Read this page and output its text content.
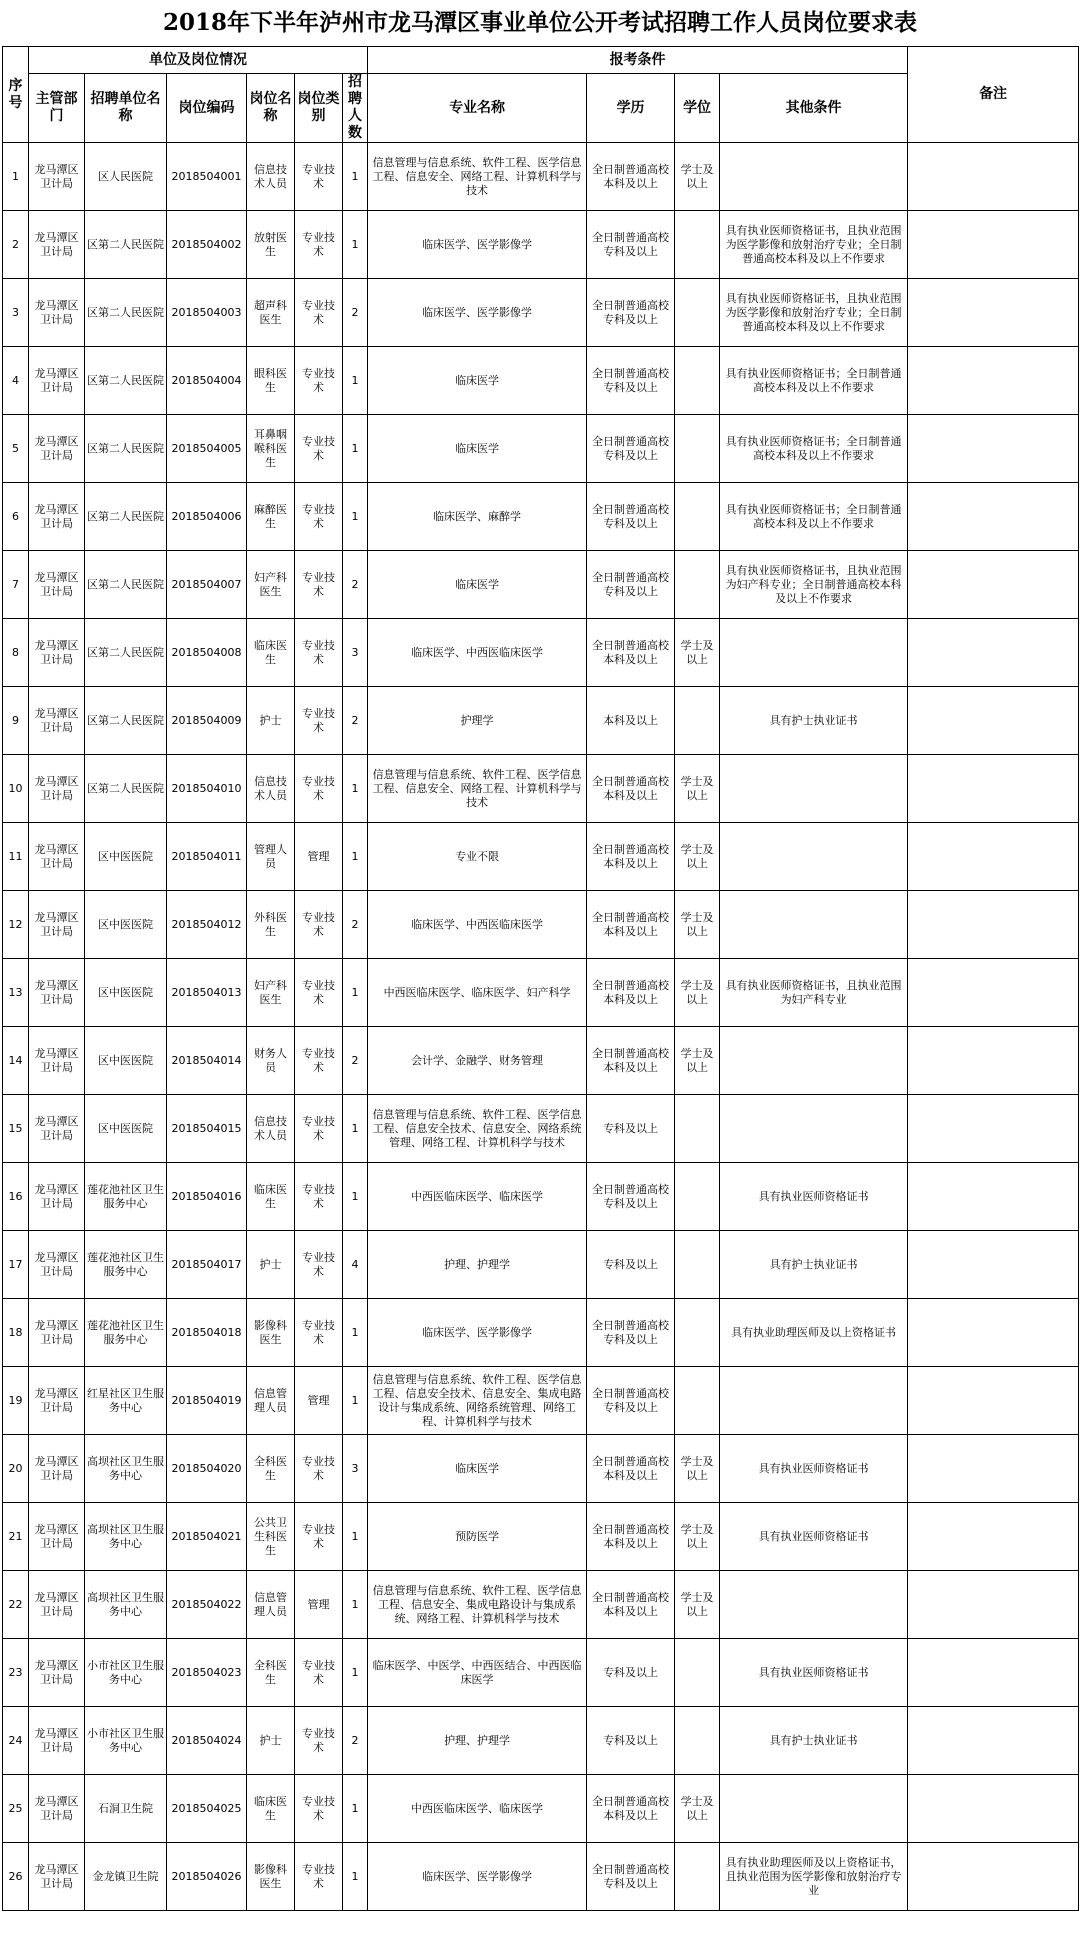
2018年下半年泸州市龙马潭区事业单位公开考试招聘工作人员岗位要求表
序号	单位及岗位情况						报考条件				备注
	主管部门	招聘单位名称	岗位编码	岗位名称	岗位类别	招聘人数	专业名称	学历	学位	其他条件	
1	龙马潭区卫计局	区人民医院	2018504001	信息技术人员	专业技术	1	信息管理与信息系统、软件工程、医学信息工程、信息安全、网络工程、计算机科学与技术	全日制普通高校本科及以上	学士及以上		
2	龙马潭区卫计局	区第二人民医院	2018504002	放射医生	专业技术	1	临床医学、医学影像学	全日制普通高校专科及以上		具有执业医师资格证书，且执业范围为医学影像和放射治疗专业；全日制普通高校本科及以上不作要求	
3	龙马潭区卫计局	区第二人民医院	2018504003	超声科医生	专业技术	2	临床医学、医学影像学	全日制普通高校专科及以上		具有执业医师资格证书，且执业范围为医学影像和放射治疗专业；全日制普通高校本科及以上不作要求	
4	龙马潭区卫计局	区第二人民医院	2018504004	眼科医生	专业技术	1	临床医学	全日制普通高校专科及以上		具有执业医师资格证书；全日制普通高校本科及以上不作要求	
5	龙马潭区卫计局	区第二人民医院	2018504005	耳鼻咽喉科医生	专业技术	1	临床医学	全日制普通高校专科及以上		具有执业医师资格证书；全日制普通高校本科及以上不作要求	
6	龙马潭区卫计局	区第二人民医院	2018504006	麻醉医生	专业技术	1	临床医学、麻醉学	全日制普通高校专科及以上		具有执业医师资格证书；全日制普通高校本科及以上不作要求	
7	龙马潭区卫计局	区第二人民医院	2018504007	妇产科医生	专业技术	2	临床医学	全日制普通高校专科及以上		具有执业医师资格证书，且执业范围为妇产科专业；全日制普通高校本科及以上不作要求	
8	龙马潭区卫计局	区第二人民医院	2018504008	临床医生	专业技术	3	临床医学、中西医临床医学	全日制普通高校本科及以上	学士及以上		
9	龙马潭区卫计局	区第二人民医院	2018504009	护士	专业技术	2	护理学	本科及以上		具有护士执业证书	
10	龙马潭区卫计局	区第二人民医院	2018504010	信息技术人员	专业技术	1	信息管理与信息系统、软件工程、医学信息工程、信息安全、网络工程、计算机科学与技术	全日制普通高校本科及以上	学士及以上		
11	龙马潭区卫计局	区中医医院	2018504011	管理人员	管理	1	专业不限	全日制普通高校本科及以上	学士及以上		
12	龙马潭区卫计局	区中医医院	2018504012	外科医生	专业技术	2	临床医学、中西医临床医学	全日制普通高校本科及以上	学士及以上		
13	龙马潭区卫计局	区中医医院	2018504013	妇产科医生	专业技术	1	中西医临床医学、临床医学、妇产科学	全日制普通高校本科及以上	学士及以上	具有执业医师资格证书，且执业范围为妇产科专业	
14	龙马潭区卫计局	区中医医院	2018504014	财务人员	专业技术	2	会计学、金融学、财务管理	全日制普通高校本科及以上	学士及以上		
15	龙马潭区卫计局	区中医医院	2018504015	信息技术人员	专业技术	1	信息管理与信息系统、软件工程、医学信息工程、信息安全技术、信息安全、网络系统管理、网络工程、计算机科学与技术	专科及以上			
16	龙马潭区卫计局	莲花池社区卫生服务中心	2018504016	临床医生	专业技术	1	中西医临床医学、临床医学	全日制普通高校专科及以上		具有执业医师资格证书	
17	龙马潭区卫计局	莲花池社区卫生服务中心	2018504017	护士	专业技术	4	护理、护理学	专科及以上		具有护士执业证书	
18	龙马潭区卫计局	莲花池社区卫生服务中心	2018504018	影像科医生	专业技术	1	临床医学、医学影像学	全日制普通高校专科及以上		具有执业助理医师及以上资格证书	
19	龙马潭区卫计局	红星社区卫生服务中心	2018504019	信息管理人员	管理	1	信息管理与信息系统、软件工程、医学信息工程、信息安全技术、信息安全、集成电路设计与集成系统、网络系统管理、网络工程、计算机科学与技术	全日制普通高校专科及以上			
20	龙马潭区卫计局	高坝社区卫生服务中心	2018504020	全科医生	专业技术	3	临床医学	全日制普通高校本科及以上	学士及以上	具有执业医师资格证书	
21	龙马潭区卫计局	高坝社区卫生服务中心	2018504021	公共卫生科医生	专业技术	1	预防医学	全日制普通高校本科及以上	学士及以上	具有执业医师资格证书	
22	龙马潭区卫计局	高坝社区卫生服务中心	2018504022	信息管理人员	管理	1	信息管理与信息系统、软件工程、医学信息工程、信息安全、集成电路设计与集成系统、网络工程、计算机科学与技术	全日制普通高校本科及以上	学士及以上		
23	龙马潭区卫计局	小市社区卫生服务中心	2018504023	全科医生	专业技术	1	临床医学、中医学、中西医结合、中西医临床医学	专科及以上		具有执业医师资格证书	
24	龙马潭区卫计局	小市社区卫生服务中心	2018504024	护士	专业技术	2	护理、护理学	专科及以上		具有护士执业证书	
25	龙马潭区卫计局	石洞卫生院	2018504025	临床医生	专业技术	1	中西医临床医学、临床医学	全日制普通高校本科及以上	学士及以上		
26	龙马潭区卫计局	金龙镇卫生院	2018504026	影像科医生	专业技术	1	临床医学、医学影像学	全日制普通高校专科及以上		具有执业助理医师及以上资格证书，且执业范围为医学影像和放射治疗专业	
